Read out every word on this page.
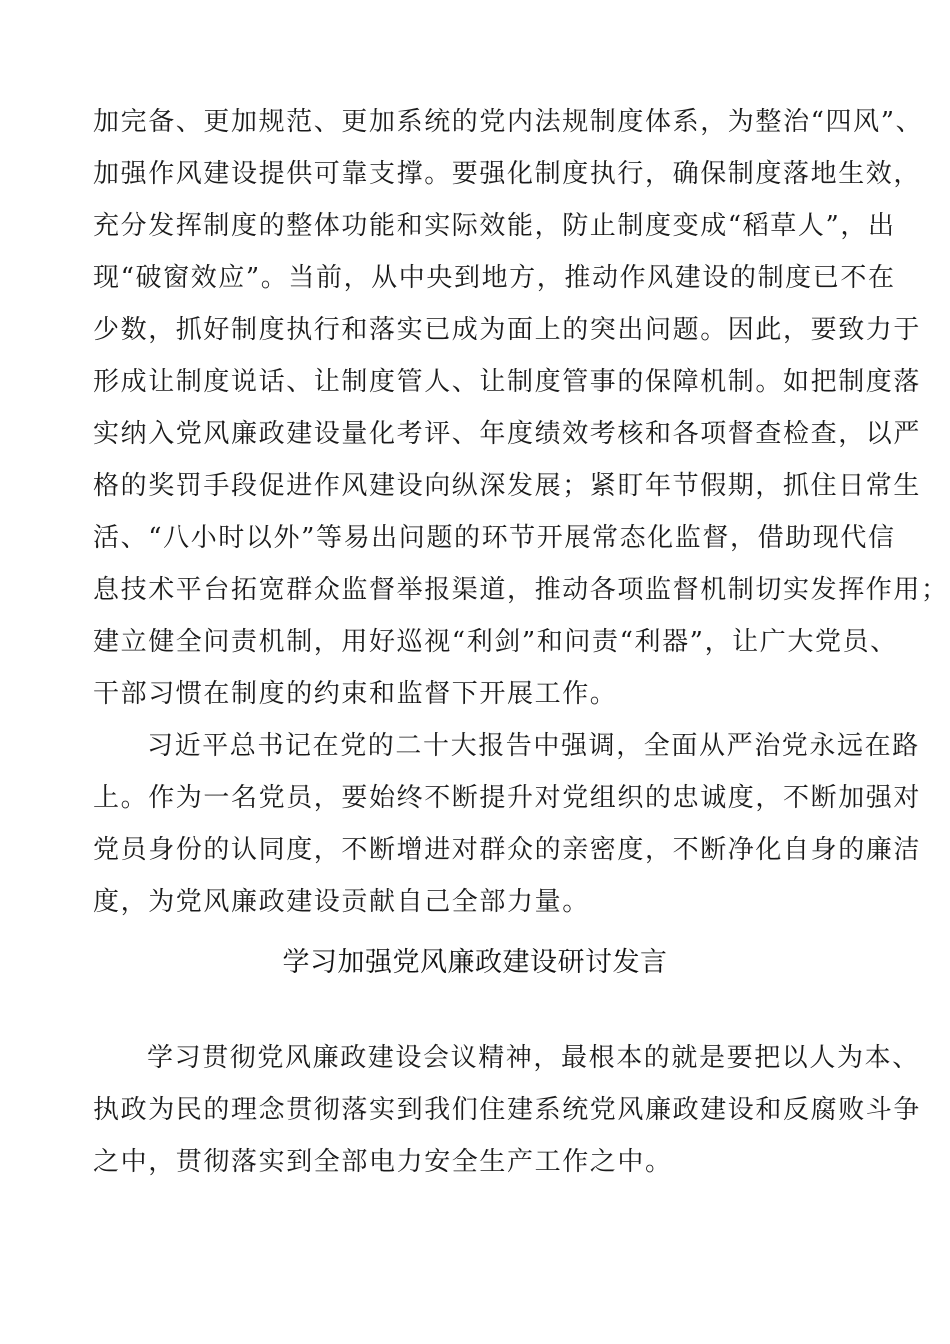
加完备、更加规范、更加系统的党内法规制度体系，为整治“四风”、
加强作风建设提供可靠支撑。要强化制度执行，确保制度落地生效，
充分发挥制度的整体功能和实际效能，防止制度变成“稻草人”，出
现“破窗效应”。当前，从中央到地方，推动作风建设的制度已不在
少数，抓好制度执行和落实已成为面上的突出问题。因此，要致力于
形成让制度说话、让制度管人、让制度管事的保障机制。如把制度落
实纳入党风廉政建设量化考评、年度绩效考核和各项督查检查，以严
格的奖罚手段促进作风建设向纵深发展；紧盯年节假期，抓住日常生
活、“八小时以外”等易出问题的环节开展常态化监督，借助现代信
息技术平台拓宽群众监督举报渠道，推动各项监督机制切实发挥作用；
建立健全问责机制，用好巡视“利剑”和问责“利器”，让广大党员、
干部习惯在制度的约束和监督下开展工作。
习近平总书记在党的二十大报告中强调，全面从严治党永远在路
上。作为一名党员，要始终不断提升对党组织的忠诚度，不断加强对
党员身份的认同度，不断增进对群众的亲密度，不断净化自身的廉洁
度，为党风廉政建设贡献自己全部力量。
学习加强党风廉政建设研讨发言
学习贯彻党风廉政建设会议精神，最根本的就是要把以人为本、
执政为民的理念贯彻落实到我们住建系统党风廉政建设和反腐败斗争
之中，贯彻落实到全部电力安全生产工作之中。
